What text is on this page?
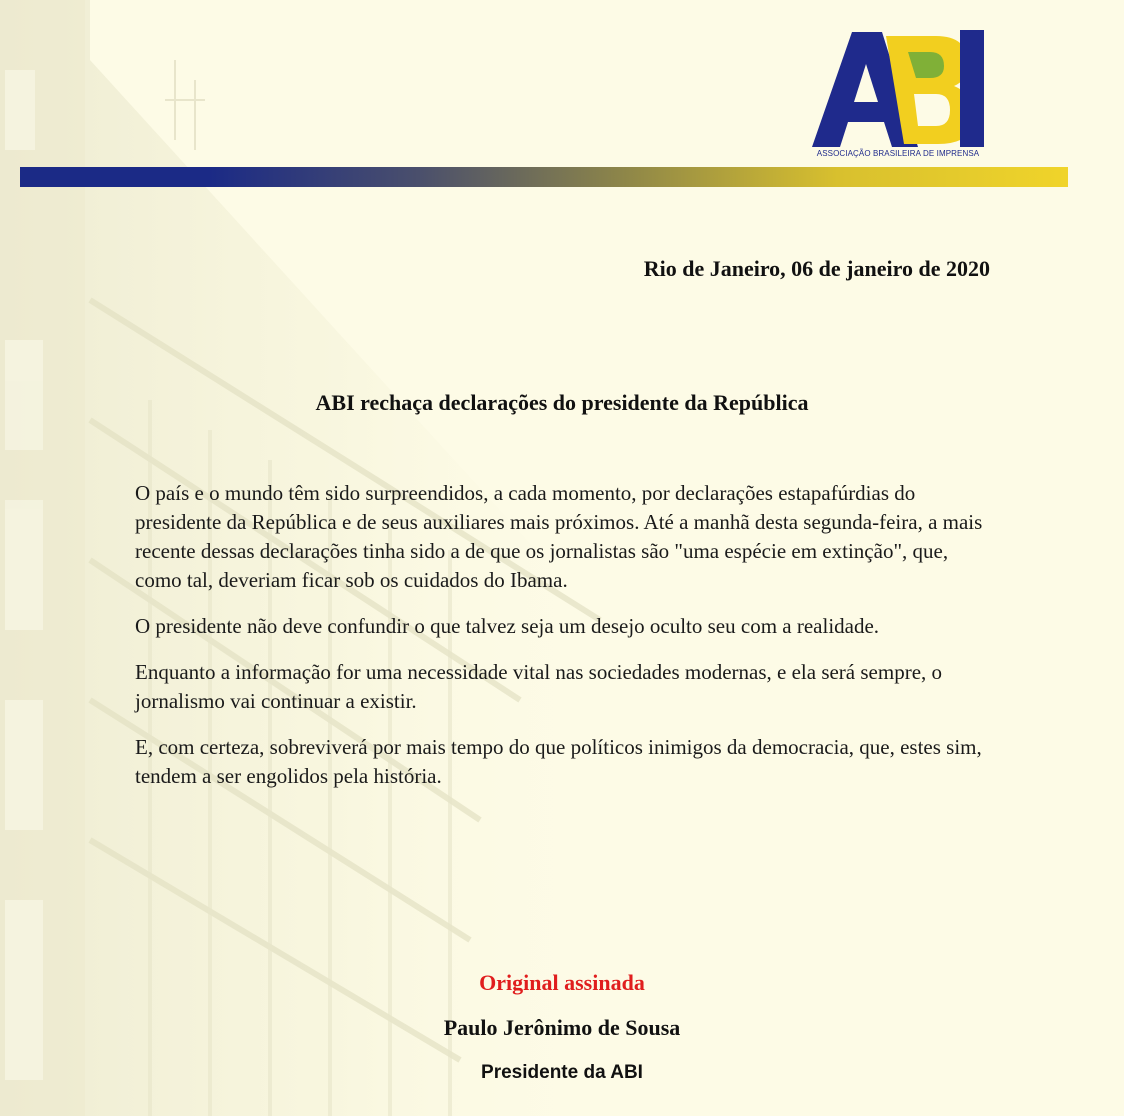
ASSOCIAÇÃO BRASILEIRA DE IMPRENSA
Rio de Janeiro, 06 de janeiro de 2020
ABI rechaça declarações do presidente da República

O país e o mundo têm sido surpreendidos, a cada momento, por declarações estapafúrdias do presidente da República e de seus auxiliares mais próximos. Até a manhã desta segunda-feira, a mais recente dessas declarações tinha sido a de que os jornalistas são "uma espécie em extinção", que, como tal, deveriam ficar sob os cuidados do Ibama.

O presidente não deve confundir o que talvez seja um desejo oculto seu com a realidade.

Enquanto a informação for uma necessidade vital nas sociedades modernas, e ela será sempre, o jornalismo vai continuar a existir.

E, com certeza, sobreviverá por mais tempo do que políticos inimigos da democracia, que, estes sim, tendem a ser engolidos pela história.

Original assinada
Paulo Jerônimo de Sousa
Presidente da ABI
